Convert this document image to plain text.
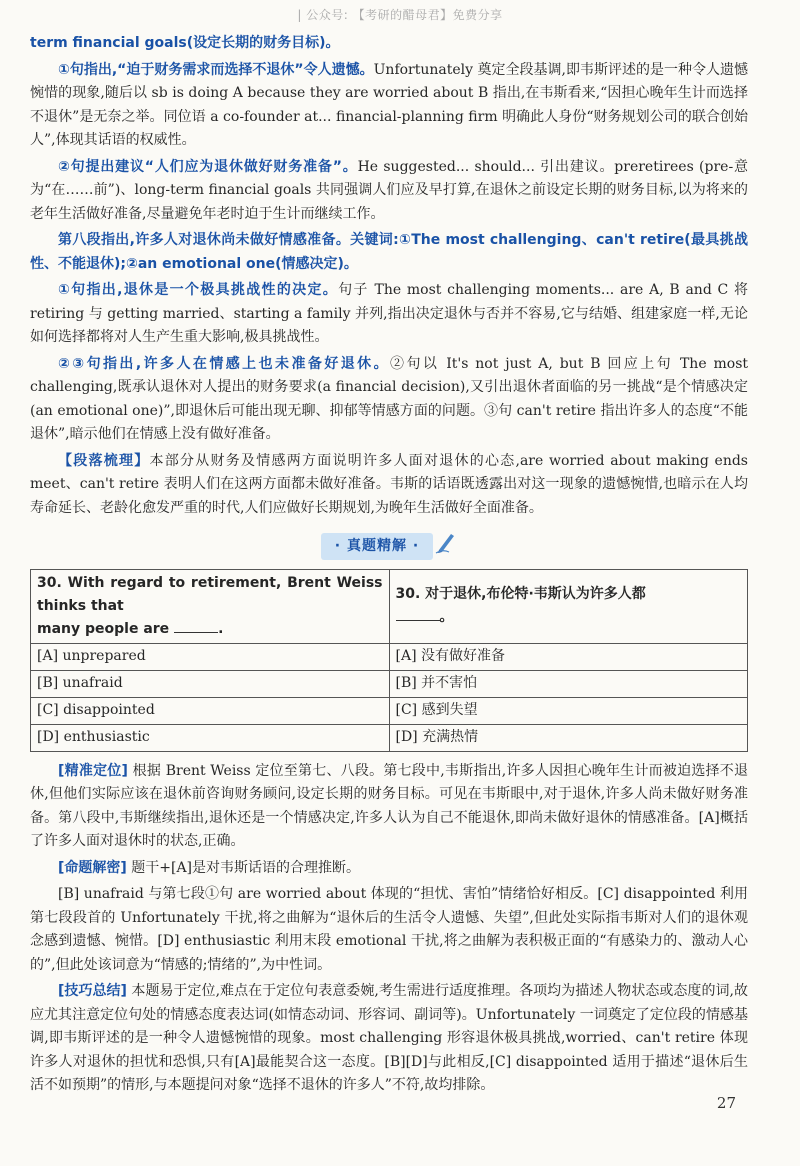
| 公众号: 【考研的醋母君】免费分享

term financial goals(设定长期的财务目标)。

①句指出,“迫于财务需求而选择不退休”令人遗憾。Unfortunately 奠定全段基调,即韦斯评述的是一种令人遗憾惋惜的现象,随后以 sb is doing A because they are worried about B 指出,在韦斯看来,“因担心晚年生计而选择不退休”是无奈之举。同位语 a co-founder at... financial-planning firm 明确此人身份“财务规划公司的联合创始人”,体现其话语的权威性。

②句提出建议“人们应为退休做好财务准备”。He suggested... should... 引出建议。preretirees (pre-意为“在……前”)、long-term financial goals 共同强调人们应及早打算,在退休之前设定长期的财务目标,以为将来的老年生活做好准备,尽量避免年老时迫于生计而继续工作。

第八段指出,许多人对退休尚未做好情感准备。关键词:①The most challenging、can't retire(最具挑战性、不能退休);②an emotional one(情感决定)。

①句指出,退休是一个极具挑战性的决定。句子 The most challenging moments... are A, B and C 将 retiring 与 getting married、starting a family 并列,指出决定退休与否并不容易,它与结婚、组建家庭一样,无论如何选择都将对人生产生重大影响,极具挑战性。

②③句指出,许多人在情感上也未准备好退休。②句以 It's not just A, but B 回应上句 The most challenging,既承认退休对人提出的财务要求(a financial decision),又引出退休者面临的另一挑战“是个情感决定(an emotional one)”,即退休后可能出现无聊、抑郁等情感方面的问题。③句 can't retire 指出许多人的态度“不能退休”,暗示他们在情感上没有做好准备。

【段落梳理】本部分从财务及情感两方面说明许多人面对退休的心态,are worried about making ends meet、can't retire 表明人们在这两方面都未做好准备。韦斯的话语既透露出对这一现象的遗憾惋惜,也暗示在人均寿命延长、老龄化愈发严重的时代,人们应做好长期规划,为晚年生活做好全面准备。

· 真题精解 ·
30. With regard to retirement, Brent Weiss thinks that
many people are .	30. 对于退休,布伦特·韦斯认为许多人都
。
[A] unprepared	[A] 没有做好准备
[B] unafraid	[B] 并不害怕
[C] disappointed	[C] 感到失望
[D] enthusiastic	[D] 充满热情

[精准定位] 根据 Brent Weiss 定位至第七、八段。第七段中,韦斯指出,许多人因担心晚年生计而被迫选择不退休,但他们实际应该在退休前咨询财务顾问,设定长期的财务目标。可见在韦斯眼中,对于退休,许多人尚未做好财务准备。第八段中,韦斯继续指出,退休还是一个情感决定,许多人认为自己不能退休,即尚未做好退休的情感准备。[A]概括了许多人面对退休时的状态,正确。

[命题解密] 题干+[A]是对韦斯话语的合理推断。

[B] unafraid 与第七段①句 are worried about 体现的“担忧、害怕”情绪恰好相反。[C] disappointed 利用第七段段首的 Unfortunately 干扰,将之曲解为“退休后的生活令人遗憾、失望”,但此处实际指韦斯对人们的退休观念感到遗憾、惋惜。[D] enthusiastic 利用末段 emotional 干扰,将之曲解为表积极正面的“有感染力的、激动人心的”,但此处该词意为“情感的;情绪的”,为中性词。

[技巧总结] 本题易于定位,难点在于定位句表意委婉,考生需进行适度推理。各项均为描述人物状态或态度的词,故应尤其注意定位句处的情感态度表达词(如情态动词、形容词、副词等)。Unfortunately 一词奠定了定位段的情感基调,即韦斯评述的是一种令人遗憾惋惜的现象。most challenging 形容退休极具挑战,worried、can't retire 体现许多人对退休的担忧和恐惧,只有[A]最能契合这一态度。[B][D]与此相反,[C] disappointed 适用于描述“退休后生活不如预期”的情形,与本题提问对象“选择不退休的许多人”不符,故均排除。

27
